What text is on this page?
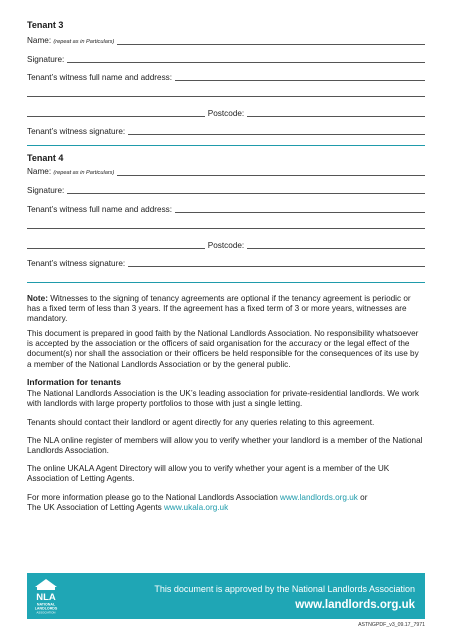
Tenant 3
Name: (repeat as in Particulars)
Signature:
Tenant’s witness full name and address:
Postcode:
Tenant’s witness signature:
Tenant 4
Name: (repeat as in Particulars)
Signature:
Tenant’s witness full name and address:
Postcode:
Tenant’s witness signature:

Note: Witnesses to the signing of tenancy agreements are optional if the tenancy agreement is periodic or has a fixed term of less than 3 years. If the agreement has a fixed term of 3 or more years, witnesses are mandatory.

This document is prepared in good faith by the National Landlords Association. No responsibility whatsoever is accepted by the association or the officers of said organisation for the accuracy or the legal effect of the document(s) nor shall the association or their officers be held responsible for the consequences of its use by a member of the National Landlords Association or by the general public.

Information for tenants

The National Landlords Association is the UK’s leading association for private-residential landlords. We work with landlords with large property portfolios to those with just a single letting.

Tenants should contact their landlord or agent directly for any queries relating to this agreement.

The NLA online register of members will allow you to verify whether your landlord is a member of the National Landlords Association.

The online UKALA Agent Directory will allow you to verify whether your agent is a member of the UK Association of Letting Agents.

For more information please go to the National Landlords Association www.landlords.org.uk or
The UK Association of Letting Agents www.ukala.org.uk

NLA
NATIONAL
LANDLORDS
ASSOCIATION
This document is approved by the National Landlords Association
www.landlords.org.uk
ASTNGPDF_v3_09.17_7971
